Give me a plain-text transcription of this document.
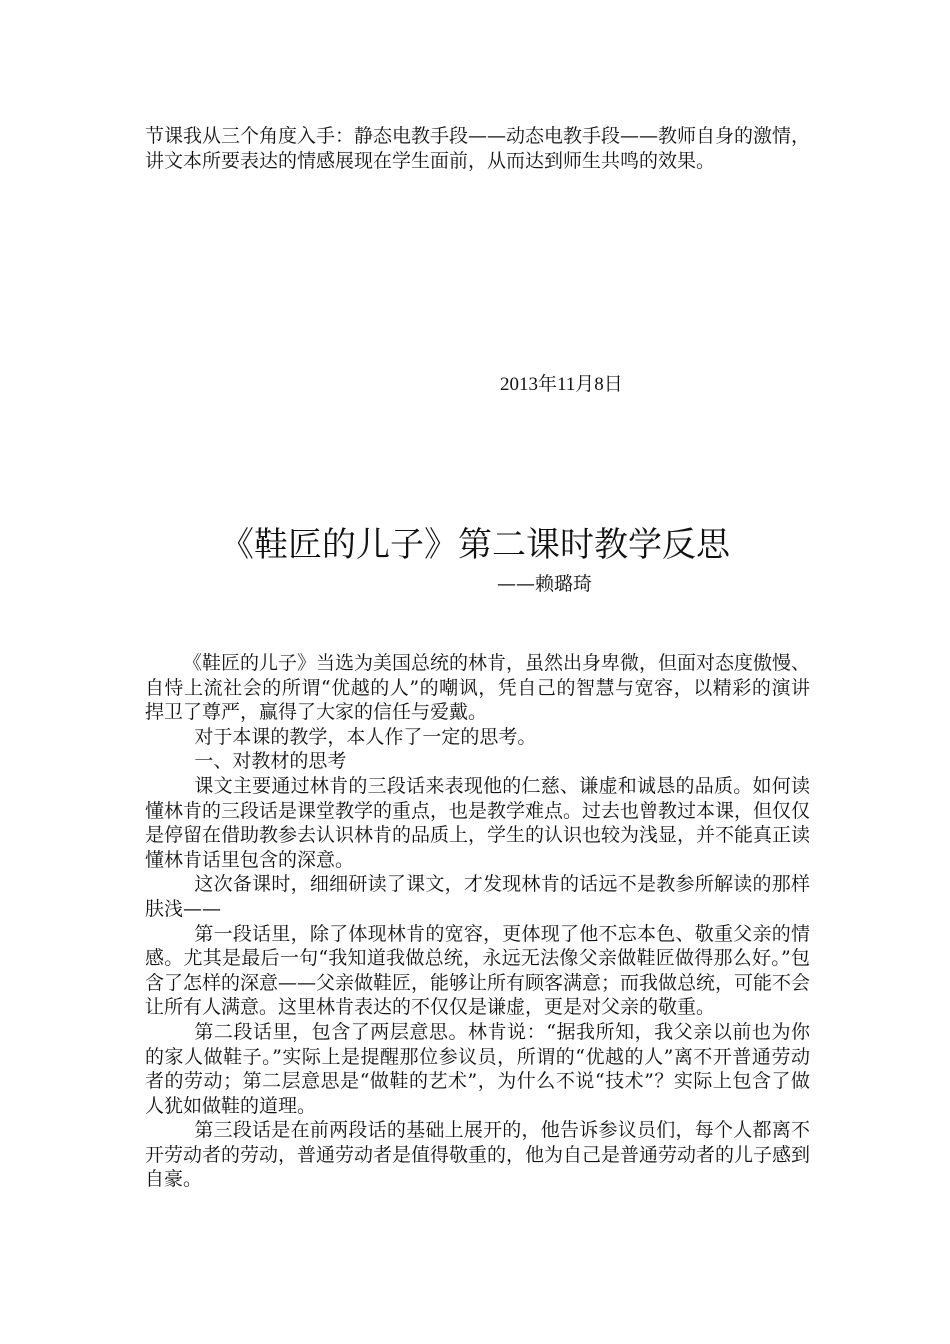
节课我从三个角度入手：静态电教手段——动态电教手段——教师自身的激情，讲文本所要表达的情感展现在学生面前，从而达到师生共鸣的效果。

2013年11月8日
《鞋匠的儿子》第二课时教学反思
——赖璐琦

《鞋匠的儿子》当选为美国总统的林肯，虽然出身卑微，但面对态度傲慢、自恃上流社会的所谓“优越的人”的嘲讽，凭自己的智慧与宽容，以精彩的演讲捍卫了尊严，赢得了大家的信任与爱戴。

对于本课的教学，本人作了一定的思考。

一、对教材的思考

课文主要通过林肯的三段话来表现他的仁慈、谦虚和诚恳的品质。如何读懂林肯的三段话是课堂教学的重点，也是教学难点。过去也曾教过本课，但仅仅是停留在借助教参去认识林肯的品质上，学生的认识也较为浅显，并不能真正读懂林肯话里包含的深意。

这次备课时，细细研读了课文，才发现林肯的话远不是教参所解读的那样肤浅——

第一段话里，除了体现林肯的宽容，更体现了他不忘本色、敬重父亲的情感。尤其是最后一句“我知道我做总统，永远无法像父亲做鞋匠做得那么好。”包含了怎样的深意——父亲做鞋匠，能够让所有顾客满意；而我做总统，可能不会让所有人满意。这里林肯表达的不仅仅是谦虚，更是对父亲的敬重。

第二段话里，包含了两层意思。林肯说：“据我所知，我父亲以前也为你的家人做鞋子。”实际上是提醒那位参议员，所谓的“优越的人”离不开普通劳动者的劳动；第二层意思是“做鞋的艺术”，为什么不说“技术”？实际上包含了做人犹如做鞋的道理。

第三段话是在前两段话的基础上展开的，他告诉参议员们，每个人都离不开劳动者的劳动，普通劳动者是值得敬重的，他为自己是普通劳动者的儿子感到自豪。
